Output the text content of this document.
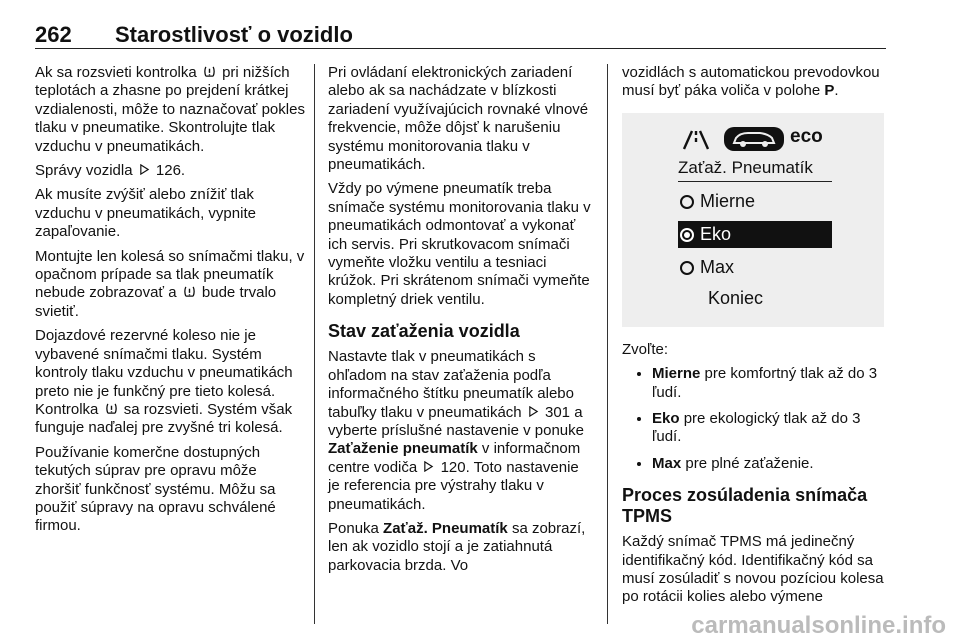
262 Starostlivosť o vozidlo

Ak sa rozsvieti kontrolka pri nižších teplotách a zhasne po prejdení krátkej vzdialenosti, môže to naznačovať pokles tlaku v pneumatike. Skontrolujte tlak vzduchu v pneumatikách.

Správy vozidla 126.

Ak musíte zvýšiť alebo znížiť tlak vzduchu v pneumatikách, vypnite zapaľovanie.

Montujte len kolesá so snímačmi tlaku, v opačnom prípade sa tlak pneumatík nebude zobrazovať a bude trvalo svietiť.

Dojazdové rezervné koleso nie je vybavené snímačmi tlaku. Systém kontroly tlaku vzduchu v pneumatikách preto nie je funkčný pre tieto kolesá. Kontrolka sa rozsvieti. Systém však funguje naďalej pre zvyšné tri kolesá.

Používanie komerčne dostupných tekutých súprav pre opravu môže zhoršiť funkčnosť systému. Môžu sa použiť súpravy na opravu schválené firmou.

Pri ovládaní elektronických zariadení alebo ak sa nachádzate v blízkosti zariadení využívajúcich rovnaké vlnové frekvencie, môže dôjsť k narušeniu systému monitorovania tlaku v pneumatikách.

Vždy po výmene pneumatík treba snímače systému monitorovania tlaku v pneumatikách odmontovať a vykonať ich servis. Pri skrutkovacom snímači vymeňte vložku ventilu a tesniaci krúžok. Pri skrátenom snímači vymeňte kompletný driek ventilu.

Stav zaťaženia vozidla

Nastavte tlak v pneumatikách s ohľadom na stav zaťaženia podľa informačného štítku pneumatík alebo tabuľky tlaku v pneumatikách 301 a vyberte príslušné nastavenie v ponuke Zaťaženie pneumatík v informačnom centre vodiča 120. Toto nastavenie je referencia pre výstrahy tlaku v pneumatikách.

Ponuka Zaťaž. Pneumatík sa zobrazí, len ak vozidlo stojí a je zatiahnutá parkovacia brzda. Vo

vozidlách s automatickou prevodovkou musí byť páka voliča v polohe P.

eco
Zaťaž. Pneumatík
Mierne
Eko
Max
Koniec

Zvoľte:

• Mierne pre komfortný tlak až do 3 ľudí.
• Eko pre ekologický tlak až do 3 ľudí.
• Max pre plné zaťaženie.
Proces zosúladenia snímača TPMS

Každý snímač TPMS má jedinečný identifikačný kód. Identifikačný kód sa musí zosúladiť s novou pozíciou kolesa po rotácii kolies alebo výmene

carmanualsonline.info
